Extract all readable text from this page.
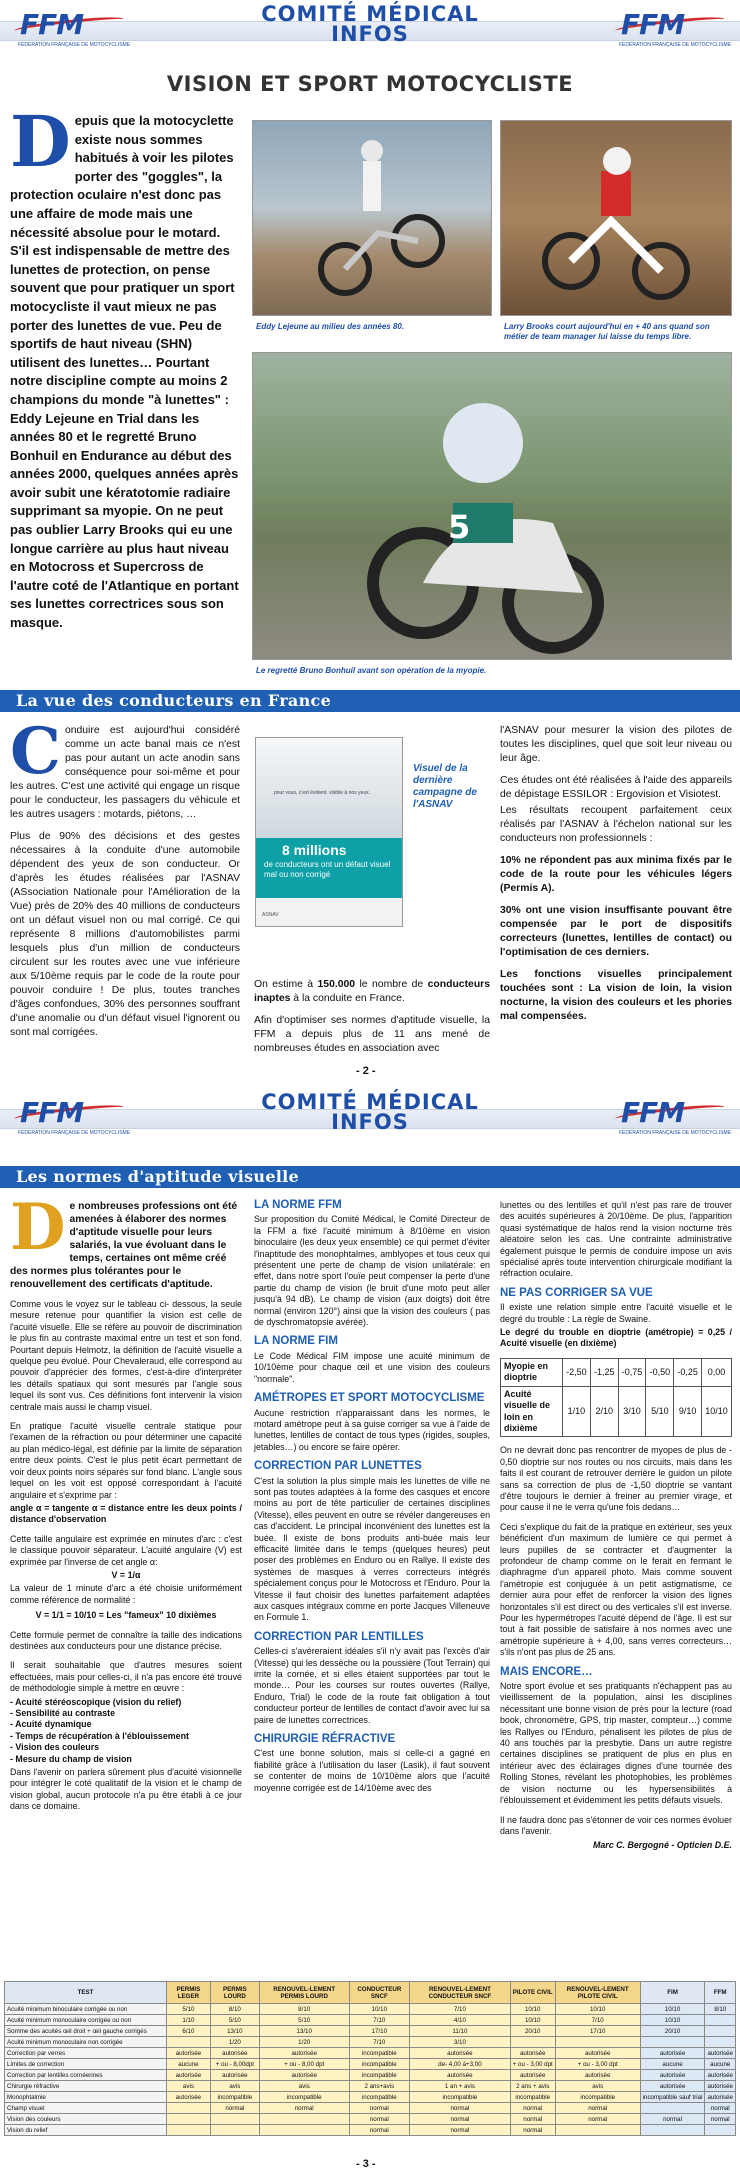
FFM
FÉDÉRATION FRANÇAISE DE MOTOCYCLISME
COMITÉ MÉDICAL
INFOS	FFM
FÉDÉRATION FRANÇAISE DE MOTOCYCLISME
VISION ET SPORT MOTOCYCLISTE
Depuis que la motocyclette existe nous sommes habitués à voir les pilotes porter des "goggles", la protection oculaire n'est donc pas une affaire de mode mais une nécessité absolue pour le motard. S'il est indispensable de mettre des lunettes de protection, on pense souvent que pour pratiquer un sport motocycliste il vaut mieux ne pas porter des lunettes de vue. Peu de sportifs de haut niveau (SHN) utilisent des lunettes… Pourtant notre discipline compte au moins 2 champions du monde "à lunettes" : Eddy Lejeune en Trial dans les années 80 et le regretté Bruno Bonhuil en Endurance au début des années 2000, quelques années après avoir subit une kératotomie radiaire supprimant sa myopie. On ne peut pas oublier Larry Brooks qui eu une longue carrière au plus haut niveau en Motocross et Supercross de l'autre coté de l'Atlantique en portant ses lunettes correctrices sous son masque.
Eddy Lejeune au milieu des années 80.	Larry Brooks court aujourd'hui en + 40 ans quand son métier de team manager lui laisse du temps libre.
5
Le regretté Bruno Bonhuil avant son opération de la myopie.
La vue des conducteurs en France

Conduire est aujourd'hui considéré comme un acte banal mais ce n'est pas pour autant un acte anodin sans conséquence pour soi-même et pour les autres. C'est une activité qui engage un risque pour le conducteur, les passagers du véhicule et les autres usagers : motards, piétons, …

Plus de 90% des décisions et des gestes nécessaires à la conduite d'une automobile dépendent des yeux de son conducteur. Or d'après les études réalisées par l'ASNAV (ASsociation Nationale pour l'Amélioration de la Vue) près de 20% des 40 millions de conducteurs ont un défaut visuel non ou mal corrigé. Ce qui représente 8 millions d'automobilistes parmi lesquels plus d'un million de conducteurs circulent sur les routes avec une vue inférieure aux 5/10ème requis par le code de la route pour pouvoir conduire ! De plus, toutes tranches d'âges confondues, 30% des personnes souffrant d'une anomalie ou d'un défaut visuel l'ignorent ou sont mal corrigées.

pour vous, c'est évident. visible à nos yeux.
8 millions
de conducteurs ont un défaut visuel mal ou non corrigé
ASNAV
Visuel de la dernière campagne de l'ASNAV

On estime à 150.000 le nombre de conducteurs inaptes à la conduite en France.

Afin d'optimiser ses normes d'aptitude visuelle, la FFM a depuis plus de 11 ans mené de nombreuses études en association avec

l'ASNAV pour mesurer la vision des pilotes de toutes les disciplines, quel que soit leur niveau ou leur âge.

Ces études ont été réalisées à l'aide des appareils de dépistage ESSILOR : Ergovision et Visiotest.

Les résultats recoupent parfaitement ceux réalisés par l'ASNAV à l'échelon national sur les conducteurs non professionnels :

10% ne répondent pas aux minima fixés par le code de la route pour les véhicules légers (Permis A).

30% ont une vision insuffisante pouvant être compensée par le port de dispositifs correcteurs (lunettes, lentilles de contact) ou l'optimisation de ces derniers.

Les fonctions visuelles principalement touchées sont : La vision de loin, la vision nocturne, la vision des couleurs et les phories mal compensées.

- 2 -
FFM
FÉDÉRATION FRANÇAISE DE MOTOCYCLISME
COMITÉ MÉDICAL
INFOS	FFM
FÉDÉRATION FRANÇAISE DE MOTOCYCLISME
Les normes d'aptitude visuelle

De nombreuses professions ont été amenées à élaborer des normes d'aptitude visuelle pour leurs salariés, la vue évoluant dans le temps, certaines ont même créé des normes plus tolérantes pour le renouvellement des certificats d'aptitude.

Comme vous le voyez sur le tableau ci- dessous, la seule mesure retenue pour quantifier la vision est celle de l'acuité visuelle. Elle se réfère au pouvoir de discrimination le plus fin au contraste maximal entre un test et son fond. Pourtant depuis Helmotz, la définition de l'acuité visuelle a quelque peu évolué. Pour Chevaleraud, elle correspond au pouvoir d'apprécier des formes, c'est-à-dire d'interpréter les détails spatiaux qui sont mesurés par l'angle sous lequel ils sont vus. Ces définitions font intervenir la vision centrale mais aussi le champ visuel.

En pratique l'acuité visuelle centrale statique pour l'examen de la réfraction ou pour déterminer une capacité au plan médico-légal, est définie par la limite de séparation entre deux points. C'est le plus petit écart permettant de voir deux points noirs séparés sur fond blanc. L'angle sous lequel on les voit est opposé correspondant à l'acuité angulaire et s'exprime par :

angle α = tangente α = distance entre les deux points / distance d'observation

Cette taille angulaire est exprimée en minutes d'arc : c'est le classique pouvoir séparateur. L'acuité angulaire (V) est exprimée par l'inverse de cet angle α:

V = 1/α

La valeur de 1 minute d'arc a été choisie uniformément comme référence de normalité :

V = 1/1 = 10/10 = Les "fameux" 10 dixièmes

Cette formule permet de connaître la taille des indications destinées aux conducteurs pour une distance précise.

Il serait souhaitable que d'autres mesures soient effectuées, mais pour celles-ci, il n'a pas encore été trouvé de méthodologie simple à mettre en œuvre :

- Acuité stéréoscopique (vision du relief)
- Sensibilité au contraste
- Acuité dynamique
- Temps de récupération à l'éblouissement
- Vision des couleurs
- Mesure du champ de vision

Dans l'avenir on parlera sûrement plus d'acuité visionnelle pour intégrer le coté qualitatif de la vision et le champ de vision global, aucun protocole n'a pu être établi à ce jour dans ce domaine.

LA NORME FFM

Sur proposition du Comité Médical, le Comité Directeur de la FFM a fixé l'acuité minimum à 8/10ème en vision binoculaire (les deux yeux ensemble) ce qui permet d'éviter l'inaptitude des monophtalmes, amblyopes et tous ceux qui présentent une perte de champ de vision unilatérale: en effet, dans notre sport l'ouïe peut compenser la perte d'une partie du champ de vision (le bruit d'une moto peut aller jusqu'à 94 dB). Le champ de vision (aux doigts) doit être normal (environ 120°) ainsi que la vision des couleurs ( pas de dyschromatopsie avérée).

LA NORME FIM

Le Code Médical FIM impose une acuité minimum de 10/10ème pour chaque œil et une vision des couleurs "normale".

AMÉTROPES ET SPORT MOTOCYCLISME

Aucune restriction n'apparaissant dans les normes, le motard amétrope peut à sa guise corriger sa vue à l'aide de lunettes, lentilles de contact de tous types (rigides, souples, jetables…) ou encore se faire opérer.

CORRECTION PAR LUNETTES

C'est la solution la plus simple mais les lunettes de ville ne sont pas toutes adaptées à la forme des casques et encore moins au port de tête particulier de certaines disciplines (Vitesse), elles peuvent en outre se révéler dangereuses en cas d'accident. Le principal inconvénient des lunettes est la buée. Il existe de bons produits anti-buée mais leur efficacité limitée dans le temps (quelques heures) peut poser des problèmes en Enduro ou en Rallye. Il existe des systèmes de masques à verres correcteurs intégrés spécialement conçus pour le Motocross et l'Enduro. Pour la Vitesse il faut choisir des lunettes parfaitement adaptées aux casques intégraux comme en porte Jacques Villeneuve en Formule 1.

CORRECTION PAR LENTILLES

Celles-ci s'avèreraient idéales s'il n'y avait pas l'excès d'air (Vitesse) qui les dessèche ou la poussière (Tout Terrain) qui irrite la cornée, et si elles étaient supportées par tout le monde… Pour les courses sur routes ouvertes (Rallye, Enduro, Trial) le code de la route fait obligation à tout conducteur porteur de lentilles de contact d'avoir avec lui sa paire de lunettes correctrices.

CHIRURGIE RÉFRACTIVE

C'est une bonne solution, mais si celle-ci a gagné en fiabilité grâce à l'utilisation du laser (Lasik), il faut souvent se contenter de moins de 10/10ème alors que l'acuité moyenne corrigée est de 14/10ème avec des

lunettes ou des lentilles et qu'il n'est pas rare de trouver des acuités supérieures à 20/10ème. De plus, l'apparition quasi systématique de halos rend la vision nocturne très aléatoire selon les cas. Une contrainte administrative également puisque le permis de conduire impose un avis spécialisé après toute intervention chirurgicale modifiant la réfraction oculaire.

NE PAS CORRIGER SA VUE

Il existe une relation simple entre l'acuité visuelle et le degré du trouble : La règle de Swaine.

Le degré du trouble en dioptrie (amétropie) = 0,25 / Acuité visuelle (en dixième)

Myopie en dioptrie	-2,50	-1,25	-0,75	-0,50	-0,25	0,00
Acuité visuelle de loin en dixième	1/10	2/10	3/10	5/10	9/10	10/10

On ne devrait donc pas rencontrer de myopes de plus de - 0,50 dioptrie sur nos routes ou nos circuits, mais dans les faits il est courant de retrouver derrière le guidon un pilote sans sa correction de plus de -1,50 dioptrie se vantant d'être toujours le dernier à freiner au premier virage, et pour cause il ne le verra qu'une fois dedans…

Ceci s'explique du fait de la pratique en extérieur, ses yeux bénéficient d'un maximum de lumière ce qui permet à leurs pupilles de se contracter et d'augmenter la profondeur de champ comme on le ferait en fermant le diaphragme d'un appareil photo. Mais comme souvent l'amétropie est conjuguée à un petit astigmatisme, ce dernier aura pour effet de renforcer la vision des lignes horizontales s'il est direct ou des verticales s'il est inverse. Pour les hypermétropes l'acuité dépend de l'âge. Il est sur tout à fait possible de satisfaire à nos normes avec une amétropie supérieure à + 4,00, sans verres correcteurs… s'ils n'ont pas plus de 25 ans.

MAIS ENCORE…

Notre sport évolue et ses pratiquants n'échappent pas au vieillissement de la population, ainsi les disciplines nécessitant une bonne vision de près pour la lecture (road book, chronomètre, GPS, trip master, compteur…) comme les Rallyes ou l'Enduro, pénalisent les pilotes de plus de 40 ans touchés par la presbytie. Dans un autre registre certaines disciplines se pratiquent de plus en plus en intérieur avec des éclairages dignes d'une tournée des Rolling Stones, révélant les photophobies, les problèmes de vision nocturne ou les hypersensibilités à l'éblouissement et évidemment les petits défauts visuels.

Il ne faudra donc pas s'étonner de voir ces normes évoluer dans l'avenir.

Marc C. Bergogné - Opticien D.E.

TEST	PERMIS LEGER	PERMIS LOURD	RENOUVEL-LEMENT PERMIS LOURD	CONDUCTEUR SNCF	RENOUVEL-LEMENT CONDUCTEUR SNCF	PILOTE CIVIL	RENOUVEL-LEMENT PILOTE CIVIL	FIM	FFM
Acuité minimum binoculaire corrigée ou non	5/10	8/10	8/10	10/10	7/10	10/10	10/10	10/10	8/10
Acuité minimum monoculaire corrigée ou non	1/10	5/10	5/10	7/10	4/10	10/10	7/10	10/10	
Somme des acuités œil droit + œil gauche corrigés	6/10	13/10	13/10	17/10	11/10	20/10	17/10	20/10	
Acuité minimum monoculaire non corrigée		1/20	1/20	7/10	3/10				
Correction par verres	autorisée	autorisée	autorisée	incompatible	autorisée	autorisée	autorisée	autorisée	autorisée
Limites de correction	aucune	+ ou - 8,00dpt	+ ou - 8,00 dpt	incompatible	de- 4,00 à+3,00	+ ou - 3,00 dpt	+ ou - 3,00 dpt	aucune	aucune
Correction par lentilles cornéennes	autorisée	autorisée	autorisée	incompatible	autorisée	autorisée	autorisée	autorisée	autorisée
Chirurgie réfractive	avis	avis	avis	2 ans+avis	1 an + avis	2 ans + avis	avis	autorisée	autorisée
Monophtalmie	autorisée	incompatible	incompatible	incompatible	incompatible	incompatible	incompatible	incompatible sauf trial	autorisée
Champ visuel		normal	normal	normal	normal	normal	normal		normal
Vision des couleurs				normal	normal	normal	normal	normal	normal
Vision du relief				normal	normal	normal			
- 3 -
